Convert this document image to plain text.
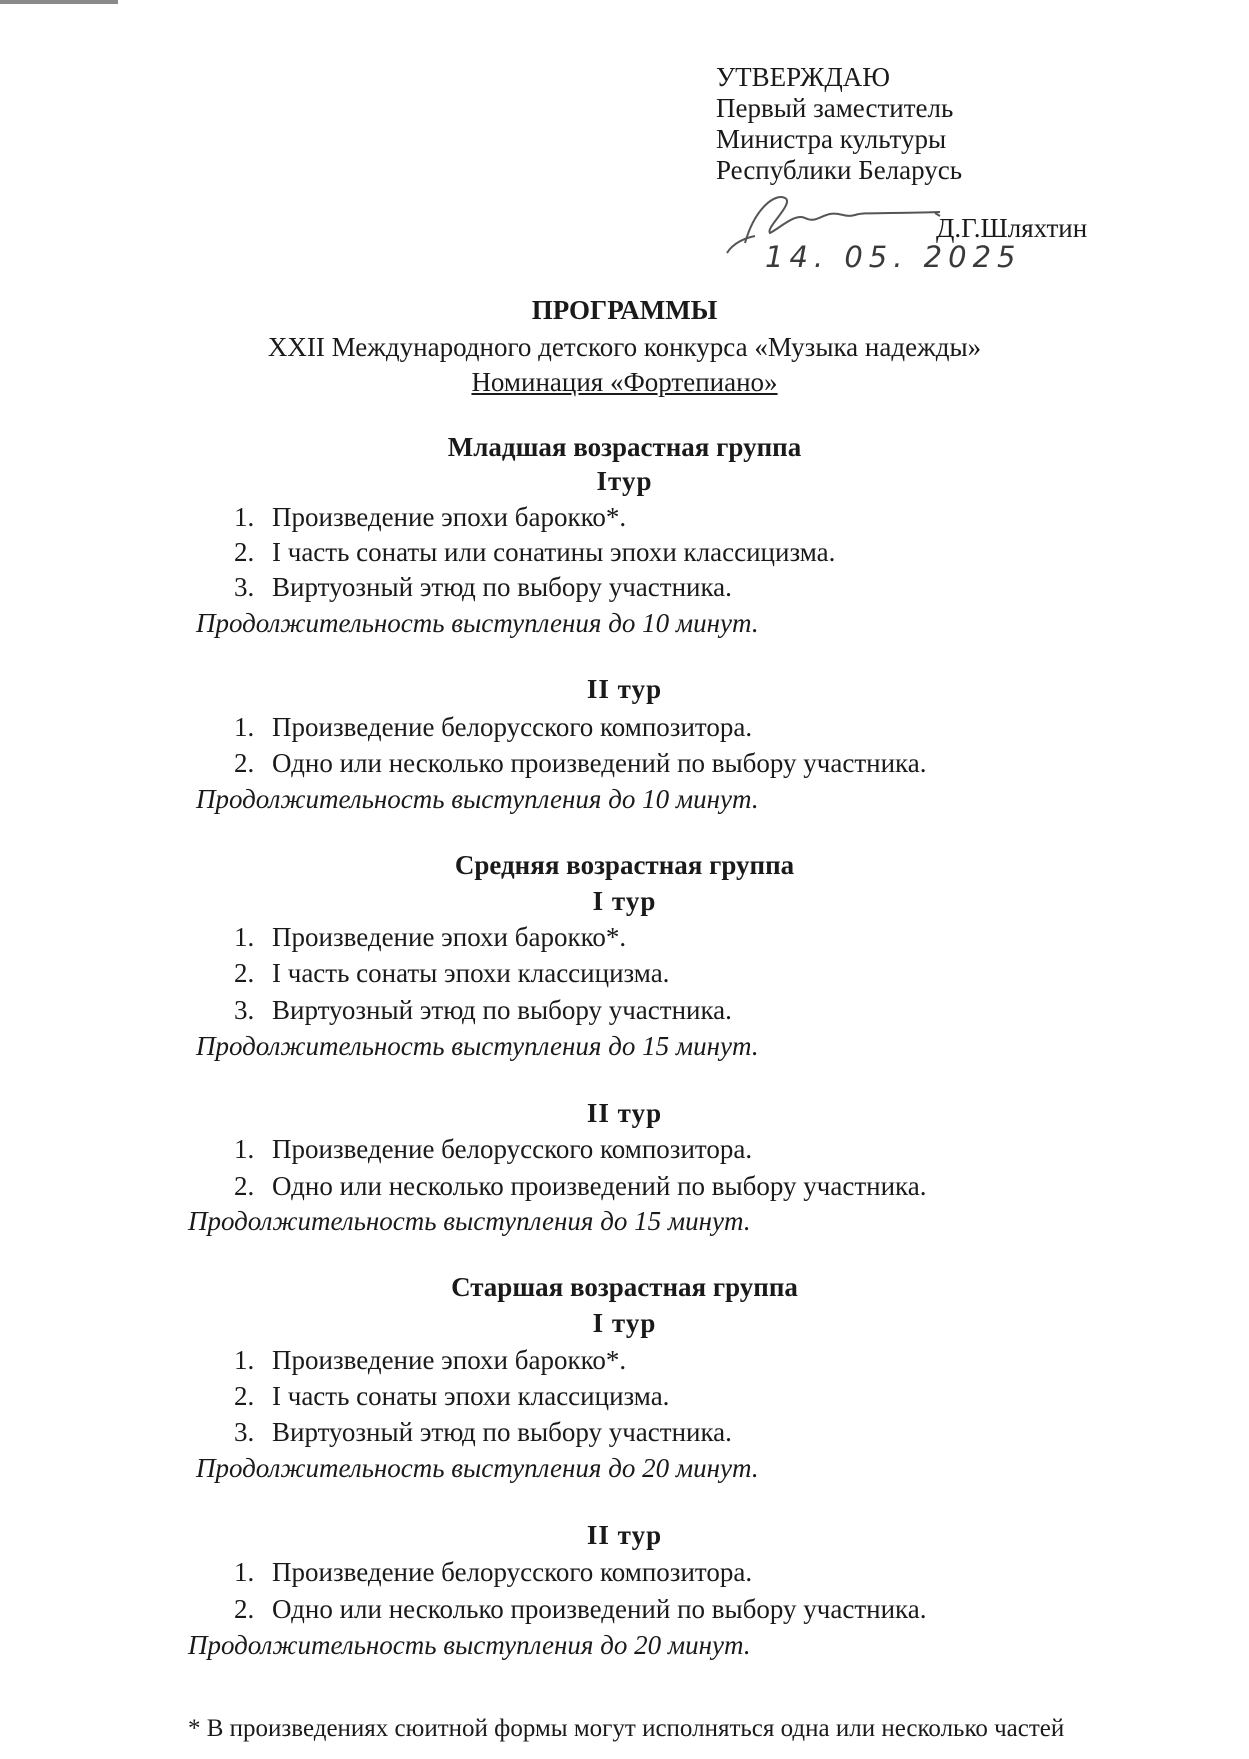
УТВЕРЖДАЮ
Первый заместитель
Министра культуры
Республики Беларусь
Д.Г.Шляхтин
14. 05. 2025
ПРОГРАММЫ
XXII Международного детского конкурса «Музыка надежды»
Номинация «Фортепиано»
Младшая возрастная группа
Iтур
1. Произведение эпохи барокко*.
2. I часть сонаты или сонатины эпохи классицизма.
3. Виртуозный этюд по выбору участника.
Продолжительность выступления до 10 минут.
II тур
1. Произведение белорусского композитора.
2. Одно или несколько произведений по выбору участника.
Продолжительность выступления до 10 минут.
Средняя возрастная группа
I тур
1. Произведение эпохи барокко*.
2. I часть сонаты эпохи классицизма.
3. Виртуозный этюд по выбору участника.
Продолжительность выступления до 15 минут.
II тур
1. Произведение белорусского композитора.
2. Одно или несколько произведений по выбору участника.
Продолжительность выступления до 15 минут.
Старшая возрастная группа
I тур
1. Произведение эпохи барокко*.
2. I часть сонаты эпохи классицизма.
3. Виртуозный этюд по выбору участника.
Продолжительность выступления до 20 минут.
II тур
1. Произведение белорусского композитора.
2. Одно или несколько произведений по выбору участника.
Продолжительность выступления до 20 минут.
* В произведениях сюитной формы могут исполняться одна или несколько частей
